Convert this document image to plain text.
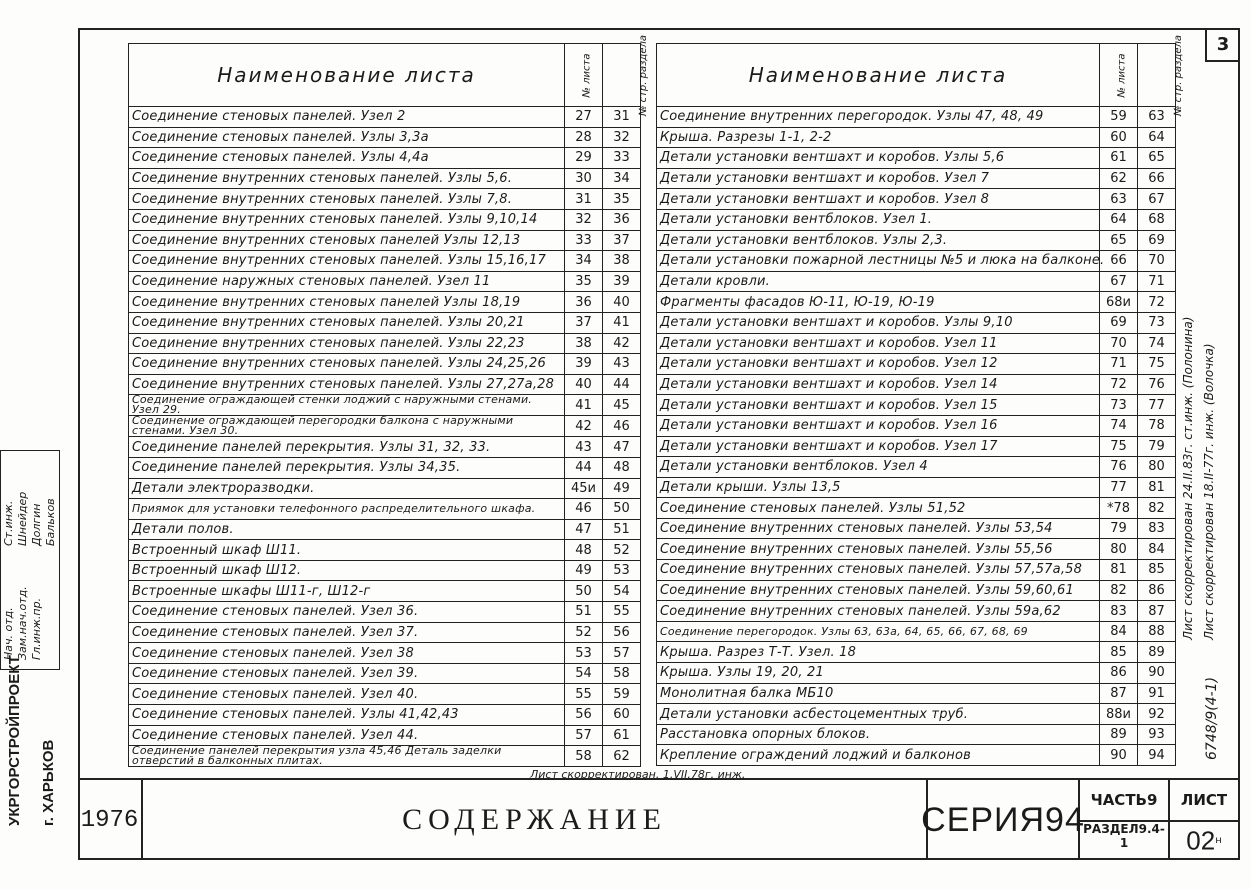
3
Наименование листа	№ листа	№ стр. раздела
Соединение стеновых панелей. Узел 2	27	31
Соединение стеновых панелей. Узлы 3,3а	28	32
Соединение стеновых панелей. Узлы 4,4а	29	33
Соединение внутренних стеновых панелей. Узлы 5,6.	30	34
Соединение внутренних стеновых панелей. Узлы 7,8.	31	35
Соединение внутренних стеновых панелей. Узлы 9,10,14	32	36
Соединение внутренних стеновых панелей Узлы 12,13	33	37
Соединение внутренних стеновых панелей. Узлы 15,16,17	34	38
Соединение наружных стеновых панелей. Узел 11	35	39
Соединение внутренних стеновых панелей Узлы 18,19	36	40
Соединение внутренних стеновых панелей. Узлы 20,21	37	41
Соединение внутренних стеновых панелей. Узлы 22,23	38	42
Соединение внутренних стеновых панелей. Узлы 24,25,26	39	43
Соединение внутренних стеновых панелей. Узлы 27,27а,28	40	44
Соединение ограждающей стенки лоджий с наружными стенами. Узел 29.	41	45
Соединение ограждающей перегородки балкона с наружными стенами. Узел 30.	42	46
Соединение панелей перекрытия. Узлы 31, 32, 33.	43	47
Соединение панелей перекрытия. Узлы 34,35.	44	48
Детали электроразводки.	45и	49
Приямок для установки телефонного распределительного шкафа.	46	50
Детали полов.	47	51
Встроенный шкаф Ш11.	48	52
Встроенный шкаф Ш12.	49	53
Встроенные шкафы Ш11-г, Ш12-г	50	54
Соединение стеновых панелей. Узел 36.	51	55
Соединение стеновых панелей. Узел 37.	52	56
Соединение стеновых панелей. Узел 38	53	57
Соединение стеновых панелей. Узел 39.	54	58
Соединение стеновых панелей. Узел 40.	55	59
Соединение стеновых панелей. Узлы 41,42,43	56	60
Соединение стеновых панелей. Узел 44.	57	61
Соединение панелей перекрытия узла 45,46 Деталь заделки отверстий в балконных плитах.	58	62
Наименование листа	№ листа	№ стр. раздела
Соединение внутренних перегородок. Узлы 47, 48, 49	59	63
Крыша. Разрезы 1-1, 2-2	60	64
Детали установки вентшахт и коробов. Узлы 5,6	61	65
Детали установки вентшахт и коробов. Узел 7	62	66
Детали установки вентшахт и коробов. Узел 8	63	67
Детали установки вентблоков. Узел 1.	64	68
Детали установки вентблоков. Узлы 2,3.	65	69
Детали установки пожарной лестницы №5 и люка на балконе.	66	70
Детали кровли.	67	71
Фрагменты фасадов Ю-11, Ю-19, Ю-19	68и	72
Детали установки вентшахт и коробов. Узлы 9,10	69	73
Детали установки вентшахт и коробов. Узел 11	70	74
Детали установки вентшахт и коробов. Узел 12	71	75
Детали установки вентшахт и коробов. Узел 14	72	76
Детали установки вентшахт и коробов. Узел 15	73	77
Детали установки вентшахт и коробов. Узел 16	74	78
Детали установки вентшахт и коробов. Узел 17	75	79
Детали установки вентблоков. Узел 4	76	80
Детали крыши. Узлы 13,5	77	81
Соединение стеновых панелей. Узлы 51,52	*78	82
Соединение внутренних стеновых панелей. Узлы 53,54	79	83
Соединение внутренних стеновых панелей. Узлы 55,56	80	84
Соединение внутренних стеновых панелей. Узлы 57,57а,58	81	85
Соединение внутренних стеновых панелей. Узлы 59,60,61	82	86
Соединение внутренних стеновых панелей. Узлы 59а,62	83	87
Соединение перегородок. Узлы 63, 63а, 64, 65, 66, 67, 68, 69	84	88
Крыша. Разрез Т-Т. Узел. 18	85	89
Крыша. Узлы 19, 20, 21	86	90
Монолитная балка МБ10	87	91
Детали установки асбестоцементных труб.	88и	92
Расстановка опорных блоков.	89	93
Крепление ограждений лоджий и балконов	90	94
Лист скорректирован 24.II.83г. ст.инж. (Полонина)
Лист скорректирован 18.II-77г. инж. (Волочка)
6748/9(4-1)
Лист скорректирован. 1.VII.78г. инж.
Нач. отд. Зам.нач.отд. Гл.инж.пр.
Ст.инж. Шнейдер Долгин Бальков
УКРГОРСТРОЙПРОЕКТ г. ХАРЬКОВ 1976	СОДЕРЖАНИЕ	СЕРИЯ94
ЧАСТЬ9
РАЗДЕЛ9.4-1
ЛИСТ
$02^н$
